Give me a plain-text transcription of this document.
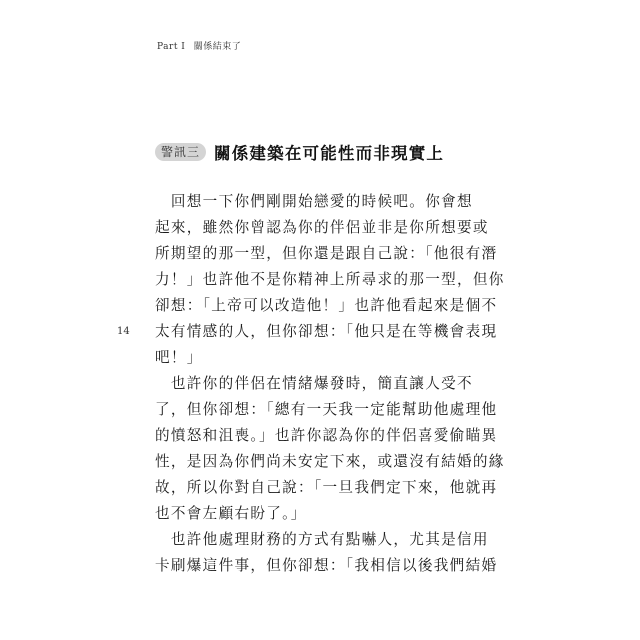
Part I 關係結束了
警訊三 關係建築在可能性而非現實上
14
　回想一下你們剛開始戀愛的時候吧。你會想
起來，雖然你曾認為你的伴侶並非是你所想要或
所期望的那一型，但你還是跟自己說：「他很有潛
力！」也許他不是你精神上所尋求的那一型，但你
卻想：「上帝可以改造他！」也許他看起來是個不
太有情感的人，但你卻想：「他只是在等機會表現
吧！」
　也許你的伴侶在情緒爆發時，簡直讓人受不
了，但你卻想：「總有一天我一定能幫助他處理他
的憤怒和沮喪。」也許你認為你的伴侶喜愛偷瞄異
性，是因為你們尚未安定下來，或還沒有結婚的緣
故，所以你對自己說：「一旦我們定下來，他就再
也不會左顧右盼了。」
　也許他處理財務的方式有點嚇人，尤其是信用
卡刷爆這件事，但你卻想：「我相信以後我們結婚
